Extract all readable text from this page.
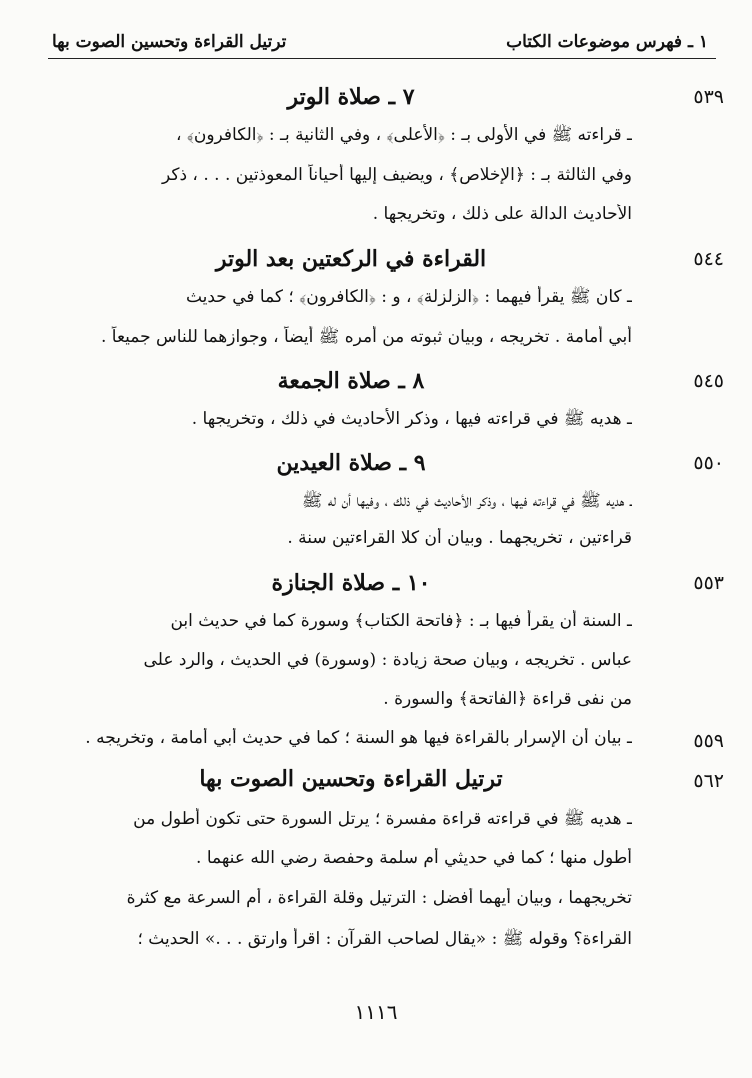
١ ـ فهرس موضوعات الكتاب
ترتيل القراءة وتحسين الصوت بها
٥٣٩
٧ ـ صلاة الوتر
ـ قراءته ﷺ في الأولى بـ : ﴿الأعلى﴾ ، وفي الثانية بـ : ﴿الكافرون﴾ ،
وفي الثالثة بـ : ﴿الإخلاص﴾ ، ويضيف إليها أحياناً المعوذتين . . . ، ذكر
الأحاديث الدالة على ذلك ، وتخريجها .
٥٤٤
القراءة في الركعتين بعد الوتر
ـ كان ﷺ يقرأ فيهما : ﴿الزلزلة﴾ ، و : ﴿الكافرون﴾ ؛ كما في حديث
أبي أمامة . تخريجه ، وبيان ثبوته من أمره ﷺ أيضاً ، وجوازهما للناس جميعاً .
٥٤٥
٨ ـ صلاة الجمعة
ـ هديه ﷺ في قراءته فيها ، وذكر الأحاديث في ذلك ، وتخريجها .
٥٥٠
٩ ـ صلاة العيدين
ـ هديه ﷺ في قراءته فيها ، وذكر الأحاديث في ذلك ، وفيها أن له ﷺ
قراءتين ، تخريجهما . وبيان أن كلا القراءتين سنة .
٥٥٣
١٠ ـ صلاة الجنازة
ـ السنة أن يقرأ فيها بـ : ﴿فاتحة الكتاب﴾ وسورة كما في حديث ابن
عباس . تخريجه ، وبيان صحة زيادة : (وسورة) في الحديث ، والرد على
من نفى قراءة ﴿الفاتحة﴾ والسورة .
٥٥٩
ـ بيان أن الإسرار بالقراءة فيها هو السنة ؛ كما في حديث أبي أمامة ، وتخريجه .
٥٦٢
ترتيل القراءة وتحسين الصوت بها
ـ هديه ﷺ في قراءته قراءة مفسرة ؛ يرتل السورة حتى تكون أطول من
أطول منها ؛ كما في حديثي أم سلمة وحفصة رضي الله عنهما .
تخريجهما ، وبيان أيهما أفضل : الترتيل وقلة القراءة ، أم السرعة مع كثرة
القراءة؟ وقوله ﷺ : «يقال لصاحب القرآن : اقرأ وارتق . . .» الحديث ؛
١١١٦
